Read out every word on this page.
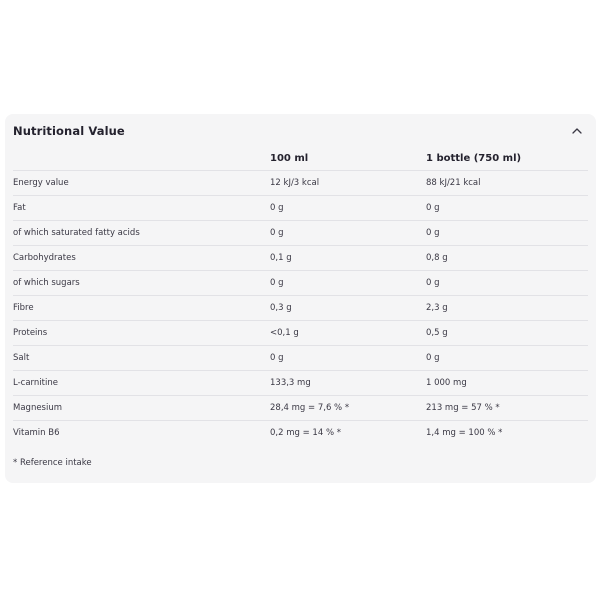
Nutritional Value
	100 ml	1 bottle (750 ml)
Energy value	12 kJ/3 kcal	88 kJ/21 kcal
Fat	0 g	0 g
of which saturated fatty acids	0 g	0 g
Carbohydrates	0,1 g	0,8 g
of which sugars	0 g	0 g
Fibre	0,3 g	2,3 g
Proteins	<0,1 g	0,5 g
Salt	0 g	0 g
L-carnitine	133,3 mg	1 000 mg
Magnesium	28,4 mg = 7,6 % *	213 mg = 57 % *
Vitamin B6	0,2 mg = 14 % *	1,4 mg = 100 % *
* Reference intake
